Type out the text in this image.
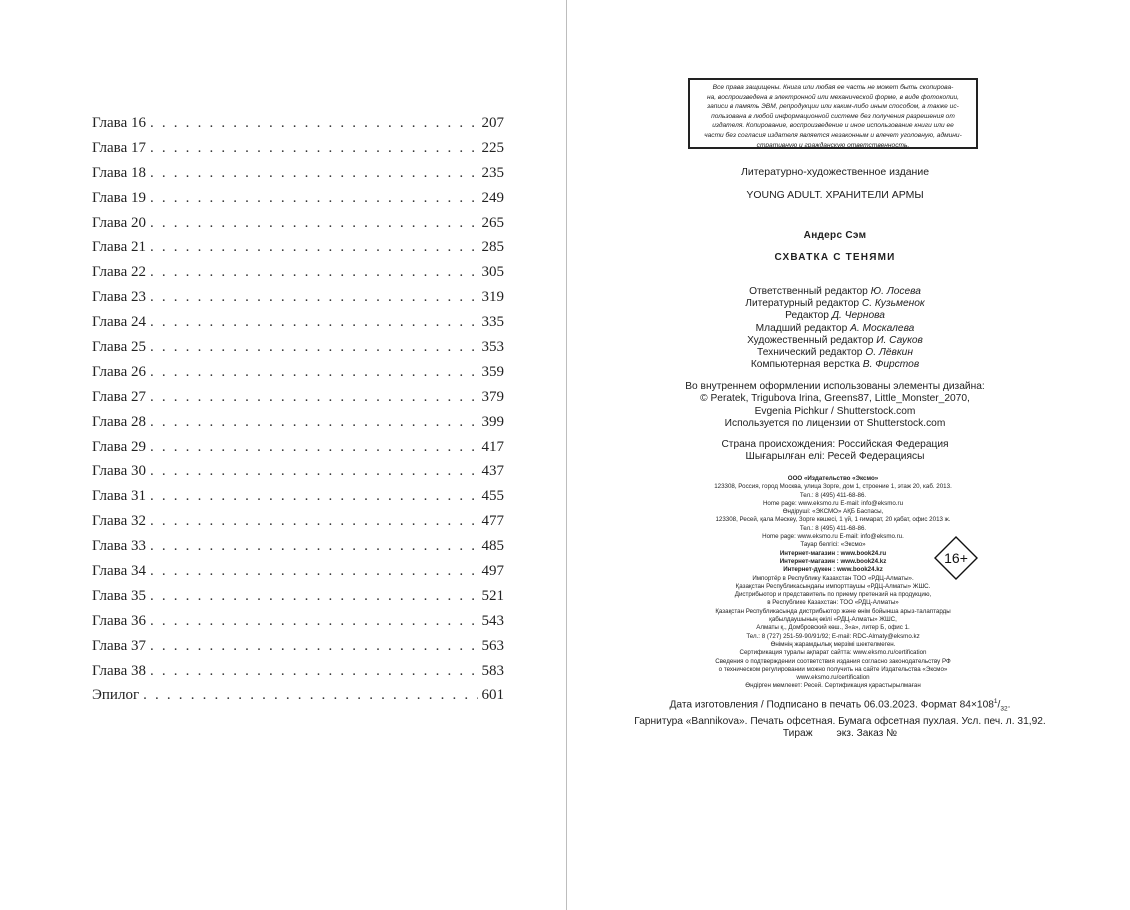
Глава 16 . . .	207
Глава 17 . . .	225
Глава 18 . . .	235
Глава 19 . . .	249
Глава 20 . . .	265
Глава 21 . . .	285
Глава 22 . . .	305
Глава 23 . . .	319
Глава 24 . . .	335
Глава 25 . . .	353
Глава 26 . . .	359
Глава 27 . . .	379
Глава 28 . . .	399
Глава 29 . . .	417
Глава 30 . . .	437
Глава 31 . . .	455
Глава 32 . . .	477
Глава 33 . . .	485
Глава 34 . . .	497
Глава 35 . . .	521
Глава 36 . . .	543
Глава 37 . . .	563
Глава 38 . . .	583
Эпилог . . .	601
Все права защищены. Книга или любая ее часть не может быть скопирова-
на, воспроизведена в электронной или механической форме, в виде фотокопии,
записи в память ЭВМ, репродукции или каким-либо иным способом, а также ис-
пользована в любой информационной системе без получения разрешения от
издателя. Копирование, воспроизведение и иное использование книги или ее
части без согласия издателя является незаконным и влечет уголовную, админи-
стративную и гражданскую ответственность.
Литературно-художественное издание
YOUNG ADULT. ХРАНИТЕЛИ АРМЫ
Андерс Сэм
СХВАТКА С ТЕНЯМИ
Ответственный редактор Ю. Лосева
Литературный редактор С. Кузьменок
Редактор Д. Чернова
Младший редактор А. Москалева
Художественный редактор И. Сауков
Технический редактор О. Лёвкин
Компьютерная верстка В. Фирстов
Во внутреннем оформлении использованы элементы дизайна:
© Peratek, Trigubova Irina, Greens87, Little_Monster_2070,
Evgenia Pichkur / Shutterstock.com
Используется по лицензии от Shutterstock.com
Страна происхождения: Российская Федерация
Шығарылған елі: Ресей Федерациясы
ООО «Издательство «Эксмо»
123308, Россия, город Москва, улица Зорге, дом 1, строение 1, этаж 20, каб. 2013.
Тел.: 8 (495) 411-68-86.
Home page: www.eksmo.ru E-mail: info@eksmo.ru
Өндіруші: «ЭКСМО» АҚБ Баспасы,
123308, Ресей, қала Мәскеу, Зорге көшесі, 1 үй, 1 ғимарат, 20 қабат, офис 2013 ж.
Тел.: 8 (495) 411-68-86.
Home page: www.eksmo.ru E-mail: info@eksmo.ru.
Тауар белгісі: «Эксмо»
Интернет-магазин : www.book24.ru
Интернет-магазин : www.book24.kz
Интернет-дүкен : www.book24.kz
Импортёр в Республику Казахстан ТОО «РДЦ-Алматы».
Қазақстан Республикасындағы импорттаушы «РДЦ-Алматы» ЖШС.
Дистрибьютор и представитель по приему претензий на продукцию,
в Республике Казахстан: ТОО «РДЦ-Алматы»
Қазақстан Республикасында дистрибьютор және өнім бойынша арыз-талаптарды
қабылдаушының өкілі «РДЦ-Алматы» ЖШС,
Алматы қ., Домбровский көш., 3«а», литер Б, офис 1.
Тел.: 8 (727) 251-59-90/91/92; E-mail: RDC-Almaty@eksmo.kz
Өнімнің жарамдылық мерзімі шектелмеген.
Сертификация туралы ақпарат сайтта: www.eksmo.ru/certification
Сведения о подтверждении соответствия издания согласно законодательству РФ
о техническом регулировании можно получить на сайте Издательства «Эксмо»
www.eksmo.ru/certification
Өндірген мемлекет: Ресей. Сертификация қарастырылмаған
16+
Дата изготовления / Подписано в печать 06.03.2023. Формат $84\times 108^1/_{32}$.
Гарнитура «Bannikova». Печать офсетная. Бумага офсетная пухлая. Усл. печ. л. 31,92.
Тираж экз. Заказ №
